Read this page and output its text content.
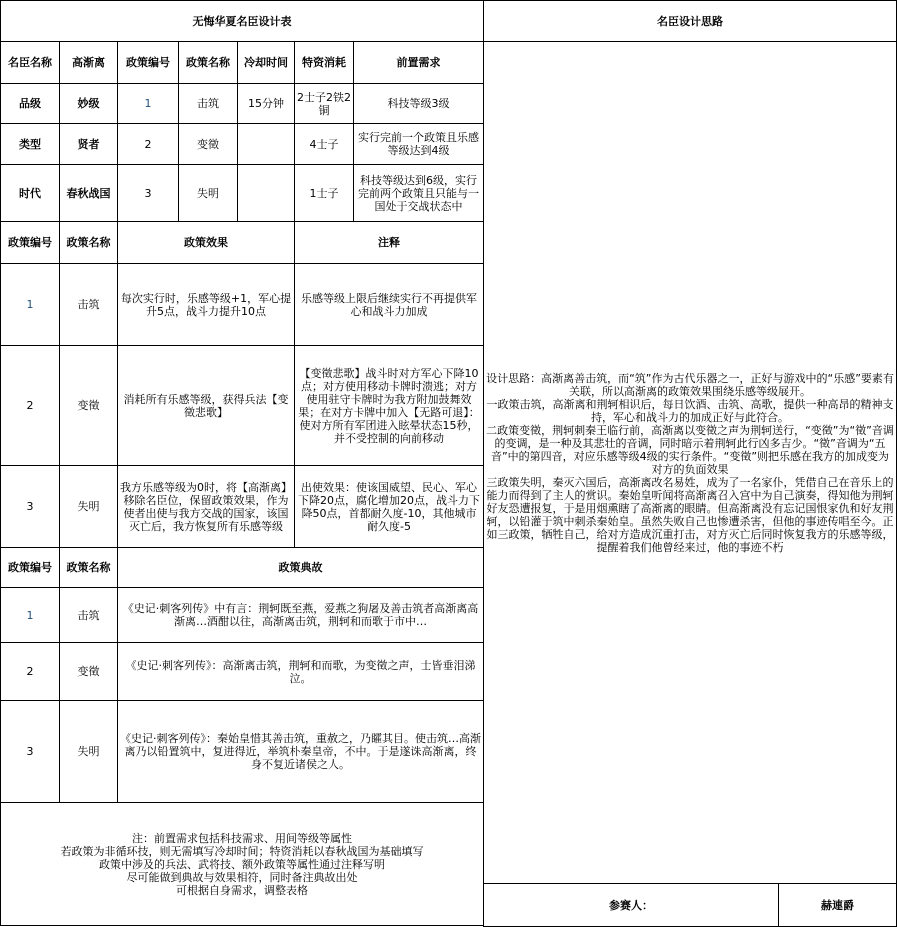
无悔华夏名臣设计表						
名臣名称	高渐离	政策编号	政策名称	冷却时间	特资消耗	前置需求
品级	妙级	1	击筑	15分钟	2士子2铁2铜	科技等级3级
类型	贤者	2	变徵		4士子	实行完前一个政策且乐感等级达到4级
时代	春秋战国	3	失明		1士子	科技等级达到6级，实行完前两个政策且只能与一国处于交战状态中
政策编号	政策名称	政策效果			注释	
1	击筑	每次实行时，乐感等级+1，军心提升5点，战斗力提升10点			乐感等级上限后继续实行不再提供军心和战斗力加成	
2	变徵	消耗所有乐感等级，获得兵法【变徵悲歌】			【变徵悲歌】战斗时对方军心下降10点；对方使用移动卡牌时溃逃；对方使用驻守卡牌时为我方附加鼓舞效果；在对方卡牌中加入【无路可退】：使对方所有军团进入眩晕状态15秒，并不受控制的向前移动	
3	失明	我方乐感等级为0时，将【高渐离】移除名臣位，保留政策效果，作为使者出使与我方交战的国家，该国灭亡后，我方恢复所有乐感等级			出使效果：使该国威望、民心、军心下降20点，腐化增加20点，战斗力下降50点，首都耐久度-10，其他城市耐久度-5	
政策编号	政策名称	政策典故				
1	击筑	《史记·刺客列传》中有言：荆轲既至燕，爱燕之狗屠及善击筑者高渐离高渐离…酒酣以往，高渐离击筑，荆轲和而歌于市中…				
2	变徵	《史记·刺客列传》：高渐离击筑，荆轲和而歌，为变徵之声，士皆垂泪涕泣。				
3	失明	《史记·刺客列传》：秦始皇惜其善击筑，重赦之，乃矐其目。使击筑…高渐离乃以铅置筑中，复进得近，举筑朴秦皇帝，不中。于是遂诛高渐离，终身不复近诸侯之人。				
注：前置需求包括科技需求、用间等级等属性
若政策为非循环技，则无需填写冷却时间；特资消耗以春秋战国为基础填写
政策中涉及的兵法、武将技、额外政策等属性通过注释写明
尽可能做到典故与效果相符，同时备注典故出处
可根据自身需求，调整表格						
名臣设计思路
设计思路：高渐离善击筑，而“筑”作为古代乐器之一，正好与游戏中的“乐感”要素有关联，所以高渐离的政策效果围绕乐感等级展开。
一政策击筑，高渐离和荆轲相识后，每日饮酒、击筑、高歌，提供一种高昂的精神支持，军心和战斗力的加成正好与此符合。
二政策变徵，荆轲刺秦王临行前，高渐离以变徵之声为荆轲送行，“变徵”为“徵”音调的变调，是一种及其悲壮的音调，同时暗示着荆轲此行凶多吉少。“徵”音调为“五音”中的第四音，对应乐感等级4级的实行条件。“变徵”则把乐感在我方的加成变为对方的负面效果
三政策失明，秦灭六国后，高渐离改名易姓，成为了一名家仆，凭借自己在音乐上的能力而得到了主人的赏识。秦始皇听闻将高渐离召入宫中为自己演奏，得知他为荆轲好友恐遭报复，于是用烟熏瞎了高渐离的眼睛。但高渐离没有忘记国恨家仇和好友荆轲，以铅灌于筑中刺杀秦始皇。虽然失败自己也惨遭杀害，但他的事迹传唱至今。正如三政策，牺牲自己，给对方造成沉重打击，对方灭亡后同时恢复我方的乐感等级，提醒着我们他曾经来过，他的事迹不朽
参赛人：	赫連爵
